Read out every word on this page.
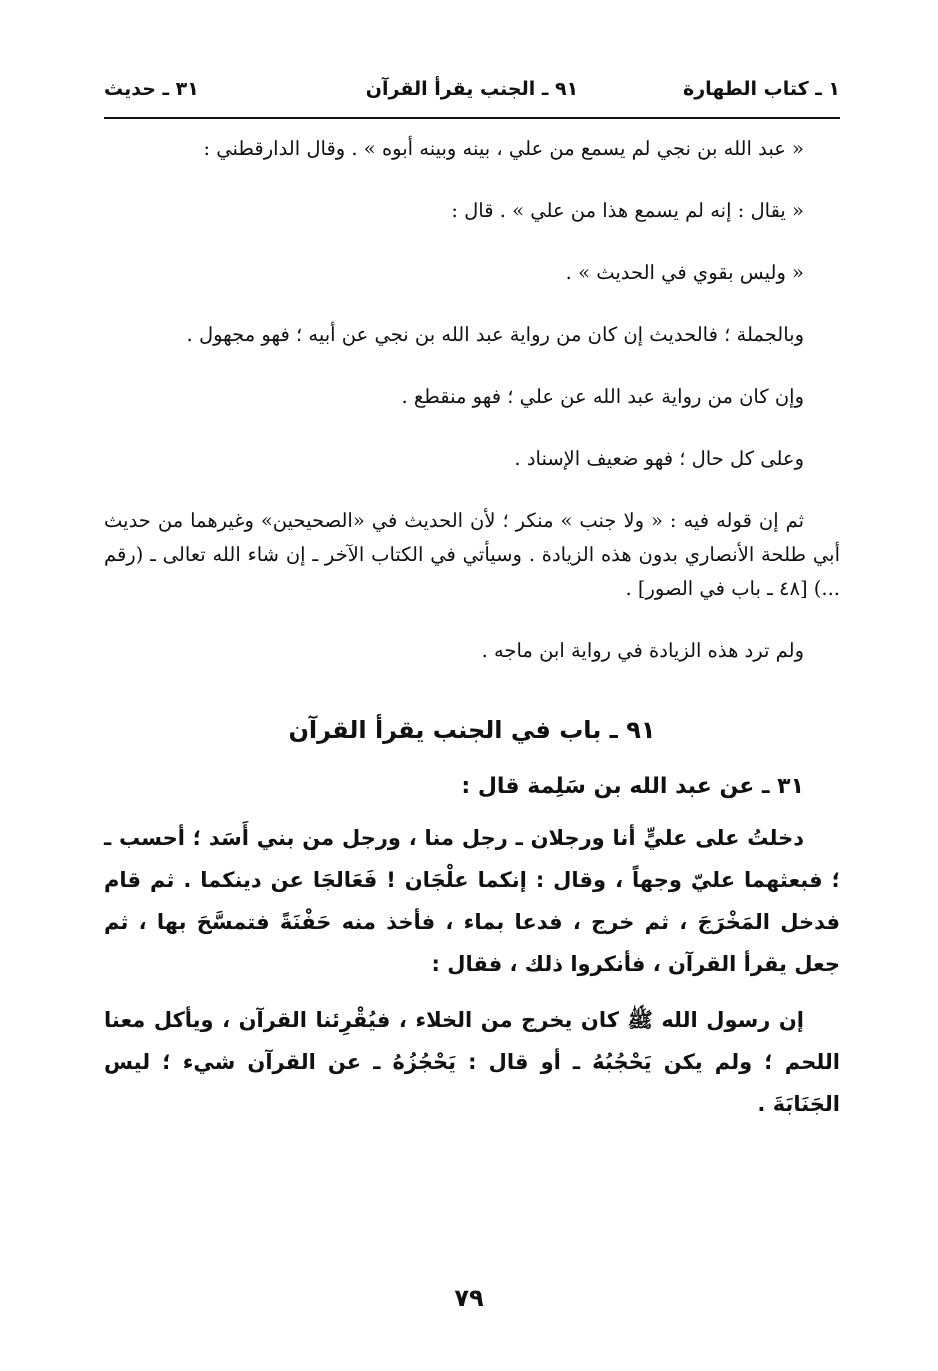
١ ـ كتاب الطهارة
٩١ ـ الجنب يقرأ القرآن
٣١ ـ حديث

« عبد الله بن نجي لم يسمع من علي ، بينه وبينه أبوه » . وقال الدارقطني :

« يقال : إنه لم يسمع هذا من علي » . قال :

« وليس بقوي في الحديث » .

وبالجملة ؛ فالحديث إن كان من رواية عبد الله بن نجي عن أبيه ؛ فهو مجهول .

وإن كان من رواية عبد الله عن علي ؛ فهو منقطع .

وعلى كل حال ؛ فهو ضعيف الإسناد .

ثم إن قوله فيه : « ولا جنب » منكر ؛ لأن الحديث في «الصحيحين» وغيرهما من حديث أبي طلحة الأنصاري بدون هذه الزيادة . وسيأتي في الكتاب الآخر ـ إن شاء الله تعالى ـ (رقم ...) [٤٨ ـ باب في الصور] .

ولم ترد هذه الزيادة في رواية ابن ماجه .

٩١ ـ باب في الجنب يقرأ القرآن
٣١ ـ عن عبد الله بن سَلِمة قال :

دخلتُ على عليٍّ أنا ورجلان ـ رجل منا ، ورجل من بني أَسَد ؛ أحسب ـ ؛ فبعثهما عليّ وجهاً ، وقال : إنكما علْجَان ! فَعَالجَا عن دينكما . ثم قام فدخل المَخْرَجَ ، ثم خرج ، فدعا بماء ، فأخذ منه حَفْنَةً فتمسَّحَ بها ، ثم جعل يقرأ القرآن ، فأنكروا ذلك ، فقال :

إن رسول الله ﷺ كان يخرج من الخلاء ، فيُقْرِئنا القرآن ، ويأكل معنا اللحم ؛ ولم يكن يَحْجُبُهُ ـ أو قال : يَحْجُزُهُ ـ عن القرآن شيء ؛ ليس الجَنَابَةَ .

٧٩
